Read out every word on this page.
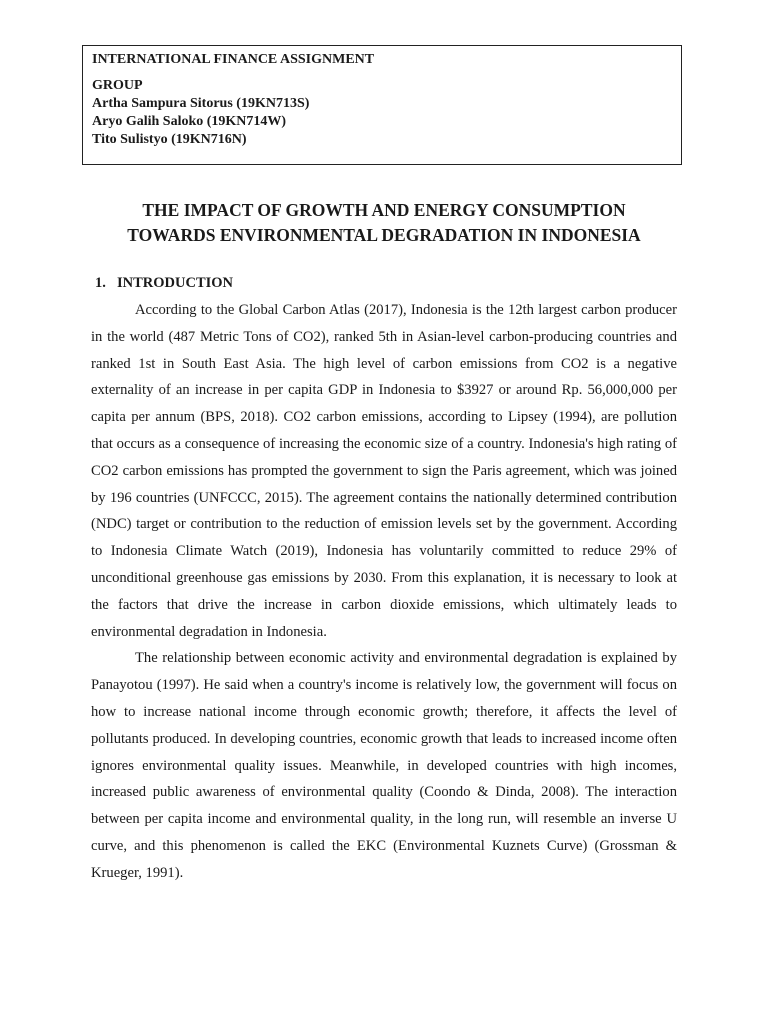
INTERNATIONAL FINANCE ASSIGNMENT
GROUP
Artha Sampura Sitorus (19KN713S)
Aryo Galih Saloko (19KN714W)
Tito Sulistyo (19KN716N)
THE IMPACT OF GROWTH AND ENERGY CONSUMPTION
TOWARDS ENVIRONMENTAL DEGRADATION IN INDONESIA
1. INTRODUCTION

According to the Global Carbon Atlas (2017), Indonesia is the 12th largest carbon producer in the world (487 Metric Tons of CO2), ranked 5th in Asian-level carbon-producing countries and ranked 1st in South East Asia. The high level of carbon emissions from CO2 is a negative externality of an increase in per capita GDP in Indonesia to $3927 or around Rp. 56,000,000 per capita per annum (BPS, 2018). CO2 carbon emissions, according to Lipsey (1994), are pollution that occurs as a consequence of increasing the economic size of a country. Indonesia's high rating of CO2 carbon emissions has prompted the government to sign the Paris agreement, which was joined by 196 countries (UNFCCC, 2015). The agreement contains the nationally determined contribution (NDC) target or contribution to the reduction of emission levels set by the government. According to Indonesia Climate Watch (2019), Indonesia has voluntarily committed to reduce 29% of unconditional greenhouse gas emissions by 2030. From this explanation, it is necessary to look at the factors that drive the increase in carbon dioxide emissions, which ultimately leads to environmental degradation in Indonesia.

The relationship between economic activity and environmental degradation is explained by Panayotou (1997). He said when a country's income is relatively low, the government will focus on how to increase national income through economic growth; therefore, it affects the level of pollutants produced. In developing countries, economic growth that leads to increased income often ignores environmental quality issues. Meanwhile, in developed countries with high incomes, increased public awareness of environmental quality (Coondo & Dinda, 2008). The interaction between per capita income and environmental quality, in the long run, will resemble an inverse U curve, and this phenomenon is called the EKC (Environmental Kuznets Curve) (Grossman & Krueger, 1991).
